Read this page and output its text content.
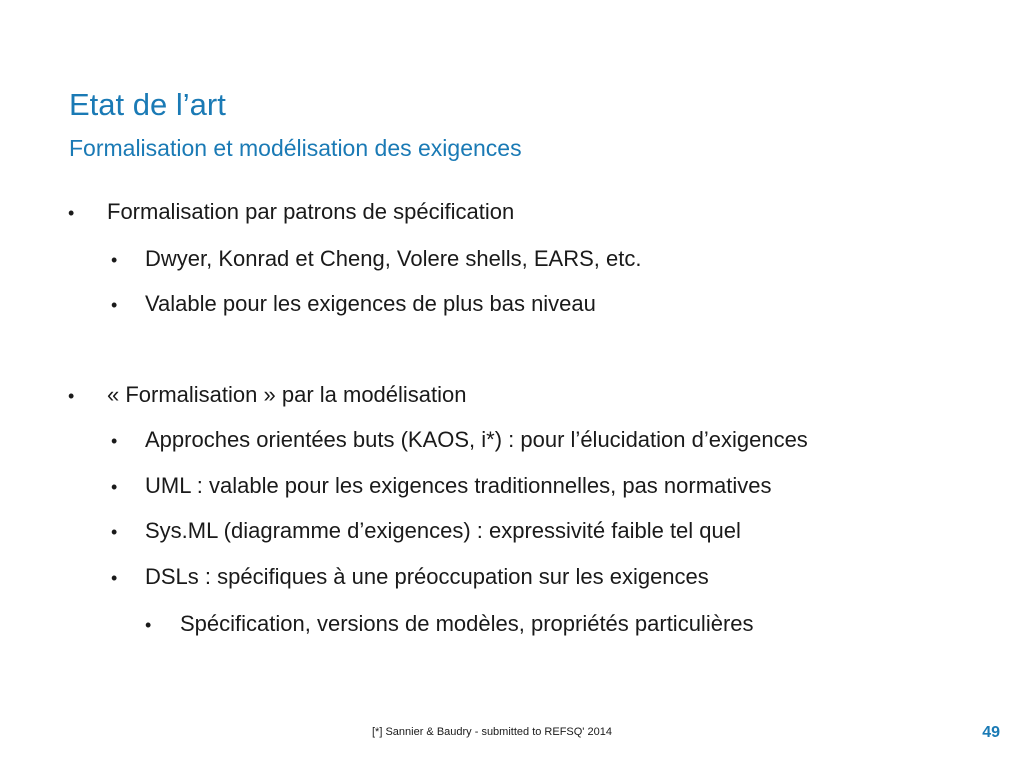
Etat de l’art
Formalisation et modélisation des exigences
• Formalisation par patrons de spécification
• Dwyer, Konrad et Cheng, Volere shells, EARS, etc.
• Valable pour les exigences de plus bas niveau
• « Formalisation » par la modélisation
• Approches orientées buts (KAOS, i*) : pour l’élucidation d’exigences
• UML : valable pour les exigences traditionnelles, pas normatives
• Sys.ML (diagramme d’exigences) : expressivité faible tel quel
• DSLs : spécifiques à une préoccupation sur les exigences
• Spécification, versions de modèles, propriétés particulières
[*] Sannier & Baudry - submitted to REFSQ' 2014	49
